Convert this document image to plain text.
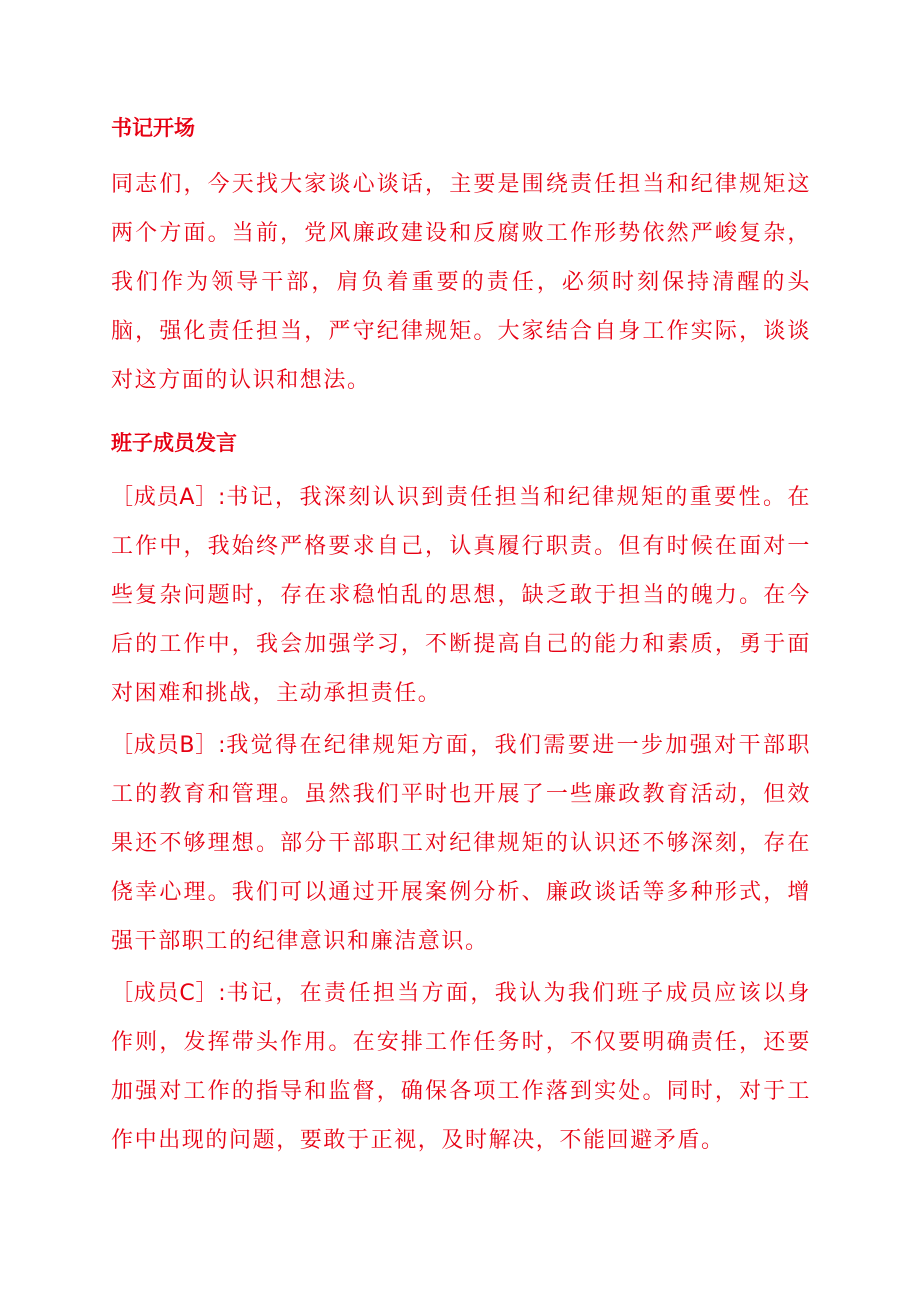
书记开场

同志们，今天找大家谈心谈话，主要是围绕责任担当和纪律规矩这两个方面。当前，党风廉政建设和反腐败工作形势依然严峻复杂，我们作为领导干部，肩负着重要的责任，必须时刻保持清醒的头脑，强化责任担当，严守纪律规矩。大家结合自身工作实际，谈谈对这方面的认识和想法。

班子成员发言

［成员A］:书记，我深刻认识到责任担当和纪律规矩的重要性。在工作中，我始终严格要求自己，认真履行职责。但有时候在面对一些复杂问题时，存在求稳怕乱的思想，缺乏敢于担当的魄力。在今后的工作中，我会加强学习，不断提高自己的能力和素质，勇于面对困难和挑战，主动承担责任。

［成员B］:我觉得在纪律规矩方面，我们需要进一步加强对干部职工的教育和管理。虽然我们平时也开展了一些廉政教育活动，但效果还不够理想。部分干部职工对纪律规矩的认识还不够深刻，存在侥幸心理。我们可以通过开展案例分析、廉政谈话等多种形式，增强干部职工的纪律意识和廉洁意识。

［成员C］:书记，在责任担当方面，我认为我们班子成员应该以身作则，发挥带头作用。在安排工作任务时，不仅要明确责任，还要加强对工作的指导和监督，确保各项工作落到实处。同时，对于工作中出现的问题，要敢于正视，及时解决，不能回避矛盾。
